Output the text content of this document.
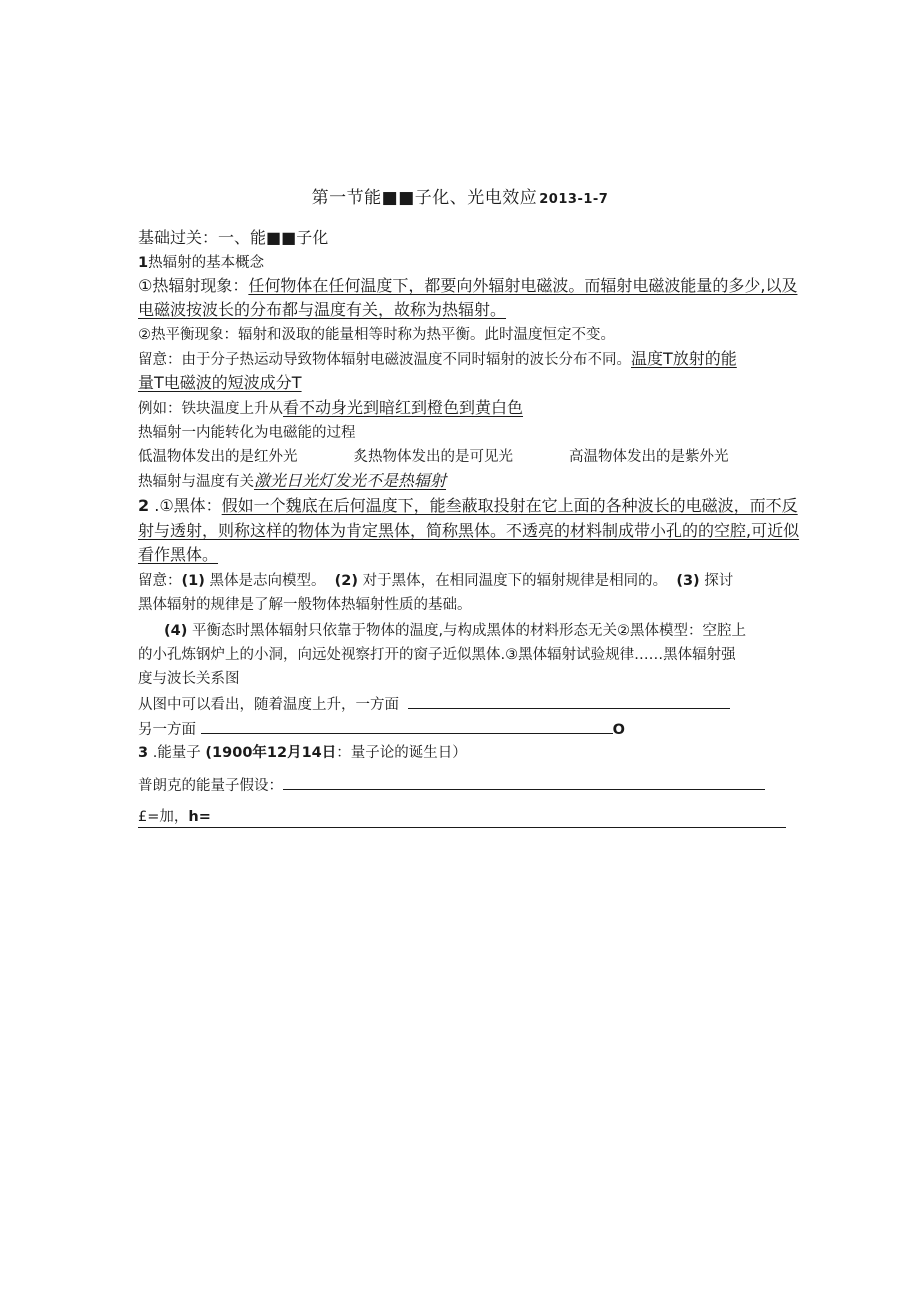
第一节能■■子化、光电效应 2013-1-7
基础过关：一、能■■子化
1热辐射的基本概念
①热辐射现象：任何物体在任何温度下，都要向外辐射电磁波。而辐射电磁波能量的多少,以及
电磁波按波长的分布都与温度有关，故称为热辐射。
②热平衡现象：辐射和汲取的能量相等时称为热平衡。此时温度恒定不变。
留意：由于分子热运动导致物体辐射电磁波温度不同时辐射的波长分布不同。温度T放射的能
量T电磁波的短波成分T
例如：铁块温度上升从看不动身光到暗红到橙色到黄白色
热辐射一内能转化为电磁能的过程
低温物体发出的是红外光	炙热物体发出的是可见光	高温物体发出的是紫外光
热辐射与温度有关激光日光灯发光不是热辐射
2 .①黑体：假如一个魏底在后何温度下，能叁蔽取投射在它上面的各种波长的电磁波，而不反
射与透射，则称这样的物体为肯定黑体，简称黑体。不透亮的材料制成带小孔的的空腔,可近似
看作黑体。
留意：(1) 黑体是志向模型。 (2) 对于黑体，在相同温度下的辐射规律是相同的。 (3) 探讨
黑体辐射的规律是了解一般物体热辐射性质的基础。
(4) 平衡态时黑体辐射只依靠于物体的温度,与构成黑体的材料形态无关②黑体模型：空腔上
的小孔炼钢炉上的小洞，向远处视察打开的窗子近似黑体.③黑体辐射试验规律……黑体辐射强
度与波长关系图
从图中可以看出，随着温度上升，一方面
另一方面	O
3 .能量子 (1900年12月14日：量子论的诞生日）
普朗克的能量子假设：
£=加，h=
